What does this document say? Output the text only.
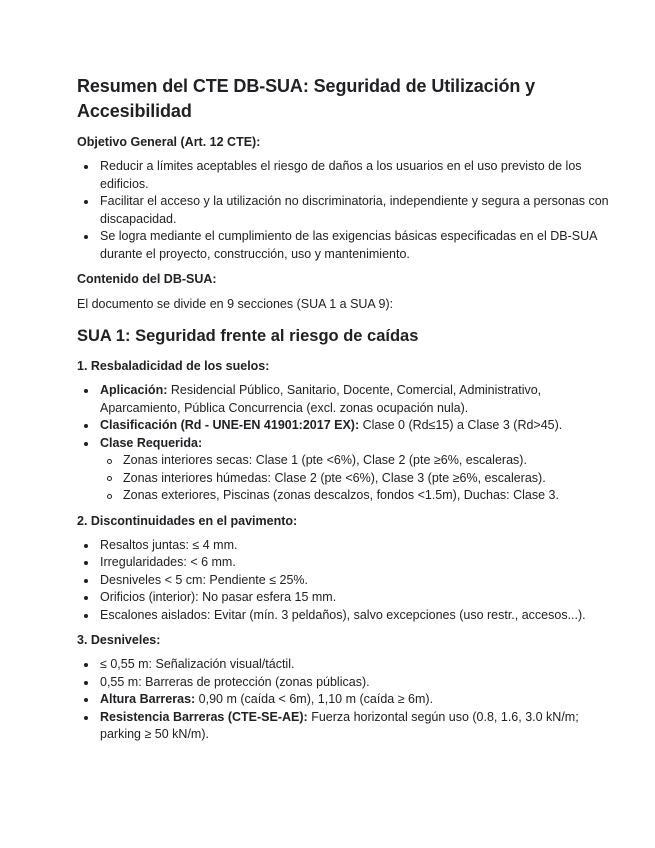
Resumen del CTE DB-SUA: Seguridad de Utilización y Accesibilidad
Objetivo General (Art. 12 CTE):
Reducir a límites aceptables el riesgo de daños a los usuarios en el uso previsto de los edificios.
Facilitar el acceso y la utilización no discriminatoria, independiente y segura a personas con discapacidad.
Se logra mediante el cumplimiento de las exigencias básicas especificadas en el DB-SUA durante el proyecto, construcción, uso y mantenimiento.
Contenido del DB-SUA:

El documento se divide en 9 secciones (SUA 1 a SUA 9):

SUA 1: Seguridad frente al riesgo de caídas
1. Resbaladicidad de los suelos:
Aplicación: Residencial Público, Sanitario, Docente, Comercial, Administrativo, Aparcamiento, Pública Concurrencia (excl. zonas ocupación nula).
Clasificación (Rd - UNE-EN 41901:2017 EX): Clase 0 (Rd≤15) a Clase 3 (Rd>45).
Clase Requerida:
Zonas interiores secas: Clase 1 (pte <6%), Clase 2 (pte ≥6%, escaleras).
Zonas interiores húmedas: Clase 2 (pte <6%), Clase 3 (pte ≥6%, escaleras).
Zonas exteriores, Piscinas (zonas descalzos, fondos <1.5m), Duchas: Clase 3.
2. Discontinuidades en el pavimento:
Resaltos juntas: ≤ 4 mm.
Irregularidades: < 6 mm.
Desniveles < 5 cm: Pendiente ≤ 25%.
Orificios (interior): No pasar esfera 15 mm.
Escalones aislados: Evitar (mín. 3 peldaños), salvo excepciones (uso restr., accesos...).
3. Desniveles:
≤ 0,55 m: Señalización visual/táctil.
0,55 m: Barreras de protección (zonas públicas).
Altura Barreras: 0,90 m (caída < 6m), 1,10 m (caída ≥ 6m).
Resistencia Barreras (CTE-SE-AE): Fuerza horizontal según uso (0.8, 1.6, 3.0 kN/m; parking ≥ 50 kN/m).
